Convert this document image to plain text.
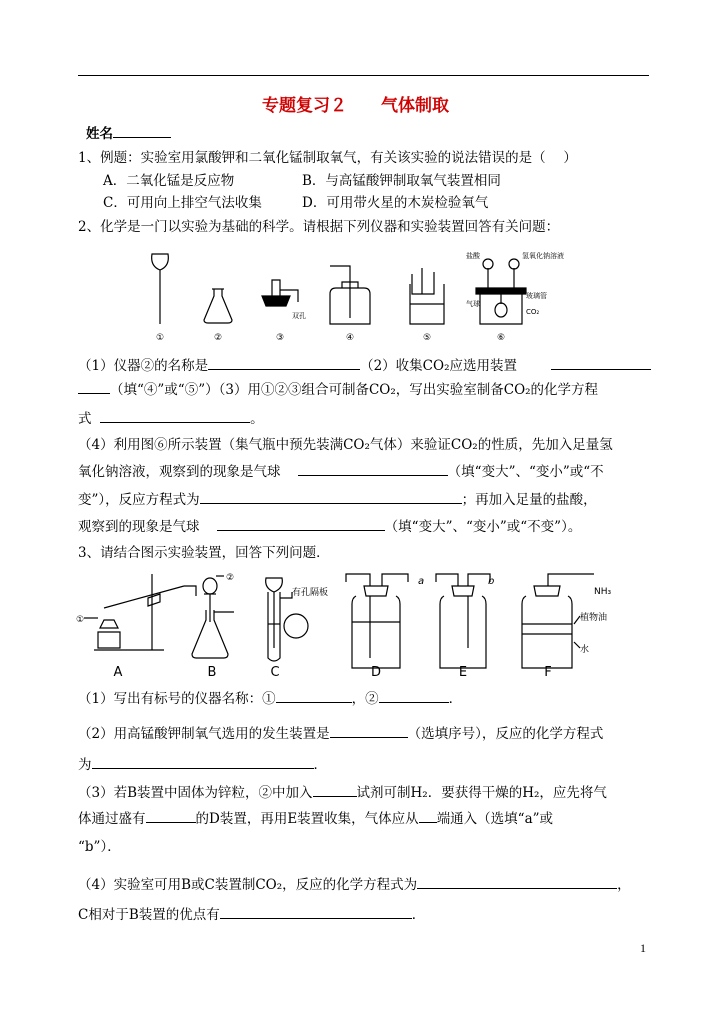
专题复习２　　气体制取
姓名
1、例题：实验室用氯酸钾和二氧化锰制取氧气，有关该实验的说法错误的是（　 ）
A．二氧化锰是反应物	B．与高锰酸钾制取氧气装置相同
C．可用向上排空气法收集	D．可用带火星的木炭检验氧气
2、化学是一门以实验为基础的科学。请根据下列仪器和实验装置回答有关问题：
双孔
盐酸	氢氧化钠溶液
玻璃管
气球
CO₂
①	②	③	④	⑤	⑥
（1）仪器②的名称是	（2）收集CO₂应选用装置
（填“④”或“⑤”）（3）用①②③组合可制备CO₂，写出实验室制备CO₂的化学方程
式	。
（4）利用图⑥所示装置（集气瓶中预先装满CO₂气体）来验证CO₂的性质，先加入足量氢
氧化钠溶液，观察到的现象是气球	（填“变大”、“变小”或“不
变”），反应方程式为	；再加入足量的盐酸，
观察到的现象是气球	（填“变大”、“变小”或“不变”）。
3、请结合图示实验装置，回答下列问题．
①
②
有孔隔板
a	b
NH₃
植物油
水
A	B	C	D	E	F
（1）写出有标号的仪器名称：①	，②	．
（2）用高锰酸钾制氧气选用的发生装置是	（选填序号），反应的化学方程式
为	．
（3）若B装置中固体为锌粒，②中加入	试剂可制H₂．要获得干燥的H₂，应先将气
体通过盛有	的D装置，再用E装置收集，气体应从 端通入（选填“a”或
“b”）．
（4）实验室可用B或C装置制CO₂，反应的化学方程式为	，
C相对于B装置的优点有	．
1
